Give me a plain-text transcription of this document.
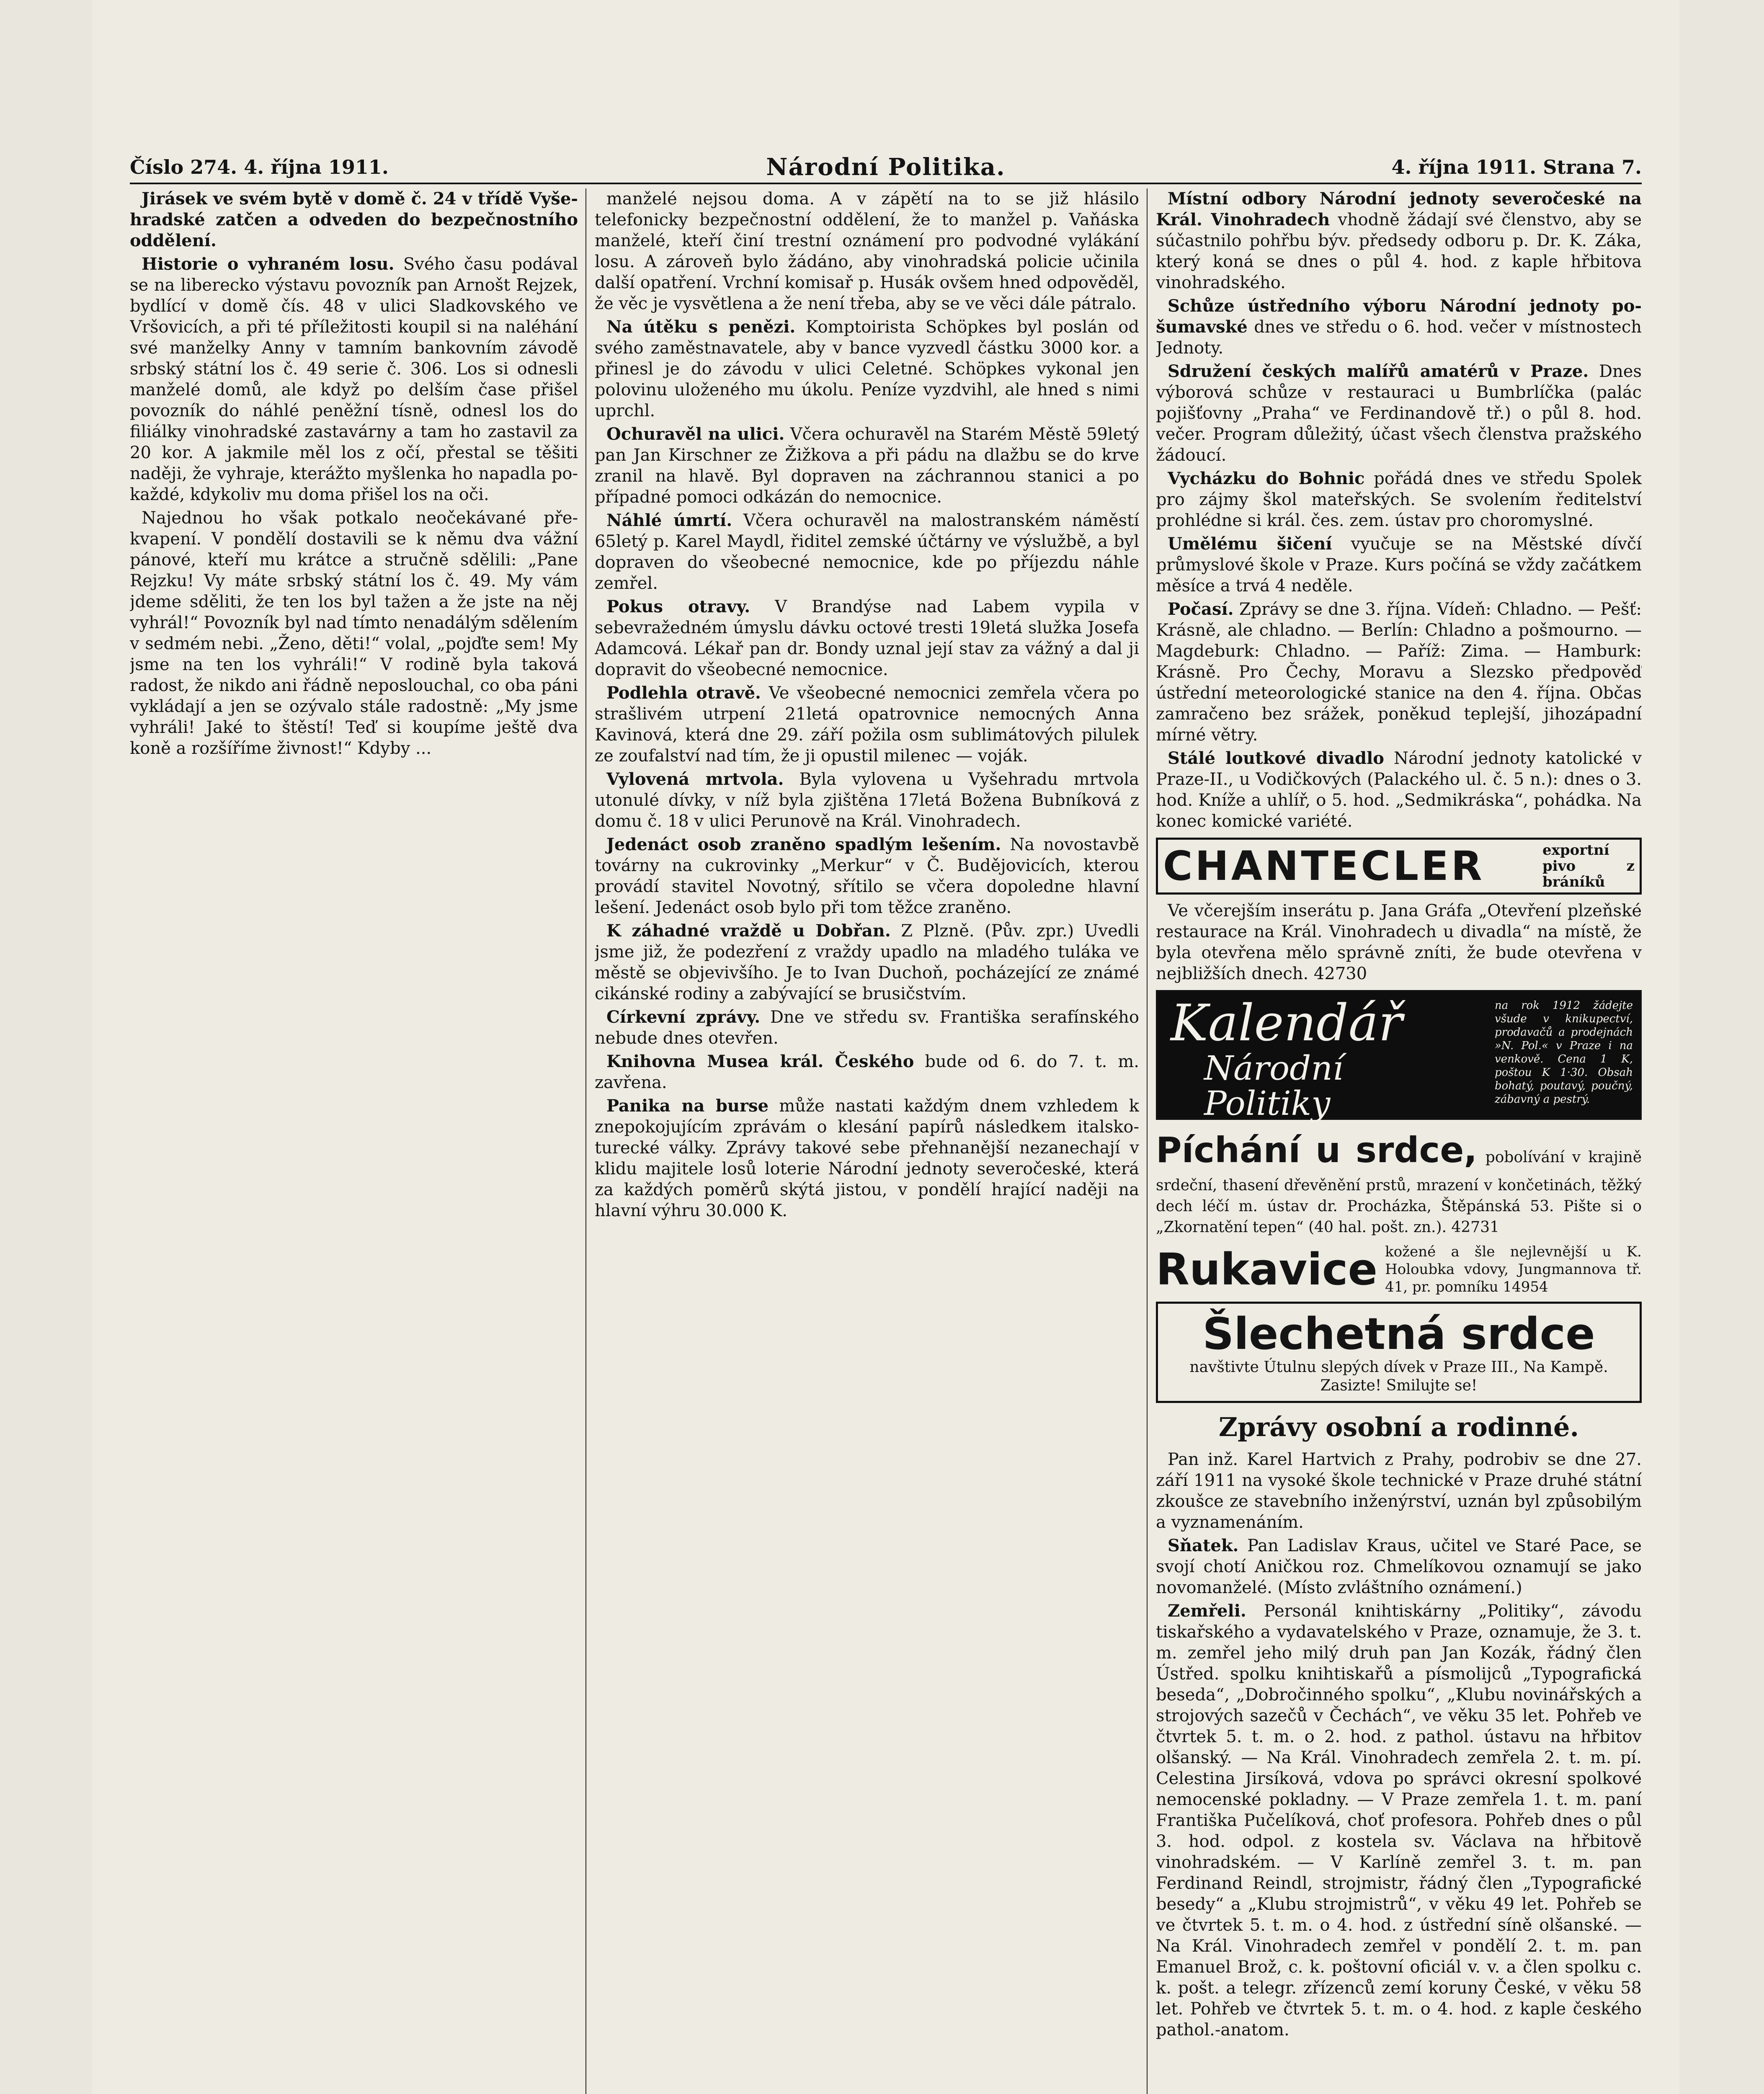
Číslo 274. 4. října 1911.	Národní Politika.	4. října 1911. Strana 7.

Jirásek ve svém bytě v domě č. 24 v třídě Vyšehradské zatčen a odveden do bezpečnostního oddělení.

Historie o vyhraném losu. Svého času podával se na liberecko výstavu povozník pan Arnošt Rejzek, bydlící v domě čís. 48 v ulici Sladkovského ve Vršovicích, a při té příležitosti koupil si na naléhání své manželky Anny v tamním bankovním závodě srbský státní los č. 49 serie č. 306. Los si odnesli manželé domů, ale když po delším čase přišel povozník do náhlé peněžní tísně, odnesl los do filiálky vinohradské zastavárny a tam ho zastavil za 20 kor. A jakmile měl los z očí, přestal se těšiti naději, že vyhraje, kterážto myšlenka ho napadla pokaždé, kdykoliv mu doma přišel los na oči.

Najednou ho však potkalo neočekávané překvapení. V pondělí dostavili se k němu dva vážní pánové, kteří mu krátce a stručně sdělili: „Pane Rejzku! Vy máte srbský státní los č. 49. My vám jdeme sděliti, že ten los byl tažen a že jste na něj vyhrál!“ Povozník byl nad tímto nenadálým sdělením v sedmém nebi. „Ženo, děti!“ volal, „pojďte sem! My jsme na ten los vyhráli!“ V rodině byla taková radost, že nikdo ani řádně neposlouchal, co oba páni vykládají a jen se ozývalo stále radostně: „My jsme vyhráli! Jaké to štěstí! Teď si koupíme ještě dva koně a rozšíříme živnost!“ Kdyby ...

manželé nejsou doma. A v zápětí na to se již hlásilo telefonicky bezpečnostní oddělení, že to manžel p. Vaňáska manželé, kteří činí trestní oznámení pro podvodné vylákání losu. A zároveň bylo žádáno, aby vinohradská policie učinila další opatření. Vrchní komisař p. Husák ovšem hned odpověděl, že věc je vysvětlena a že není třeba, aby se ve věci dále pátralo.

Na útěku s penězi. Komptoirista Schöpkes byl poslán od svého zaměstnavatele, aby v bance vyzvedl částku 3000 kor. a přinesl je do závodu v ulici Celetné. Schöpkes vykonal jen polovinu uloženého mu úkolu. Peníze vyzdvihl, ale hned s nimi uprchl.

Ochuravěl na ulici. Včera ochuravěl na Starém Městě 59letý pan Jan Kirschner ze Žižkova a při pádu na dlažbu se do krve zranil na hlavě. Byl dopraven na záchrannou stanici a po případné pomoci odkázán do nemocnice.

Náhlé úmrtí. Včera ochuravěl na malostranském náměstí 65letý p. Karel Maydl, řiditel zemské účtárny ve výslužbě, a byl dopraven do všeobecné nemocnice, kde po příjezdu náhle zemřel.

Pokus otravy. V Brandýse nad Labem vypila v sebevražedném úmyslu dávku octové tresti 19letá služka Josefa Adamcová. Lékař pan dr. Bondy uznal její stav za vážný a dal ji dopravit do všeobecné nemocnice.

Podlehla otravě. Ve všeobecné nemocnici zemřela včera po strašlivém utrpení 21letá opatrovnice nemocných Anna Kavinová, která dne 29. září požila osm sublimátových pilulek ze zoufalství nad tím, že ji opustil milenec — voják.

Vylovená mrtvola. Byla vylovena u Vyšehradu mrtvola utonulé dívky, v níž byla zjištěna 17letá Božena Bubníková z domu č. 18 v ulici Perunově na Král. Vinohradech.

Jedenáct osob zraněno spadlým lešením. Na novostavbě továrny na cukrovinky „Merkur“ v Č. Budějovicích, kterou provádí stavitel Novotný, sřítilo se včera dopoledne hlavní lešení. Jedenáct osob bylo při tom těžce zraněno.

K záhadné vraždě u Dobřan. Z Plzně. (Pův. zpr.) Uvedli jsme již, že podezření z vraždy upadlo na mladého tuláka ve městě se objevivšího. Je to Ivan Duchoň, pocházející ze známé cikánské rodiny a zabývající se brusičstvím.

Církevní zprávy. Dne ve středu sv. Františka serafínského nebude dnes otevřen.

Knihovna Musea král. Českého bude od 6. do 7. t. m. zavřena.

Panika na burse může nastati každým dnem vzhledem k znepokojujícím zprávám o klesání papírů následkem italsko-turecké války. Zprávy takové sebe přehnanější nezanechají v klidu majitele losů loterie Národní jednoty severočeské, která za každých poměrů skýtá jistou, v pondělí hrající naději na hlavní výhru 30.000 K.

Místní odbory Národní jednoty severočeské na Král. Vinohradech vhodně žádají své členstvo, aby se súčastnilo pohřbu býv. předsedy odboru p. Dr. K. Záka, který koná se dnes o půl 4. hod. z kaple hřbitova vinohradského.

Schůze ústředního výboru Národní jednoty pošumavské dnes ve středu o 6. hod. večer v místnostech Jednoty.

Sdružení českých malířů amatérů v Praze. Dnes výborová schůze v restauraci u Bumbrlíčka (palác pojišťovny „Praha“ ve Ferdinandově tř.) o půl 8. hod. večer. Program důležitý, účast všech členstva pražského žádoucí.

Vycházku do Bohnic pořádá dnes ve středu Spolek pro zájmy škol mateřských. Se svolením ředitelství prohlédne si král. čes. zem. ústav pro choromyslné.

Umělému šičení vyučuje se na Městské dívčí průmyslové škole v Praze. Kurs počíná se vždy začátkem měsíce a trvá 4 neděle.

Počasí. Zprávy se dne 3. října. Vídeň: Chladno. — Pešť: Krásně, ale chladno. — Berlín: Chladno a pošmourno. — Magdeburk: Chladno. — Paříž: Zima. — Hamburk: Krásně. Pro Čechy, Moravu a Slezsko předpověď ústřední meteorologické stanice na den 4. října. Občas zamračeno bez srážek, poněkud teplejší, jihozápadní mírné větry.

Stálé loutkové divadlo Národní jednoty katolické v Praze-II., u Vodičkových (Palackého ul. č. 5 n.): dnes o 3. hod. Kníže a uhlíř, o 5. hod. „Sedmikráska“, pohádka. Na konec komické variété.

CHANTECLER	exportní pivo z bráníků

Ve včerejším inserátu p. Jana Gráfa „Otevření plzeňské restaurace na Král. Vinohradech u divadla“ na místě, že byla otevřena mělo správně zníti, že bude otevřena v nejbližších dnech. 42730

Kalendář
Národní
Politiky
na rok 1912 žádejte všude v knikupectví, prodavačů a prodejnách »N. Pol.« v Praze i na venkově. Cena 1 K, poštou K 1·30. Obsah bohatý, poutavý, poučný, zábavný a pestrý.
Píchání u srdce, pobolívání v krajině srdeční, thasení dřevěnění prstů, mrazení v končetinách, těžký dech léčí m. ústav dr. Procházka, Štěpánská 53. Pište si o „Zkornatění tepen“ (40 hal. pošt. zn.). 42731
Rukavice kožené a šle nejlevnější u K. Holoubka vdovy, Jungmannova tř. 41, pr. pomníku 14954
Šlechetná srdce
navštivte Útulnu slepých dívek v Praze III., Na Kampě. Zasizte! Smilujte se!
Zprávy osobní a rodinné.

Pan inž. Karel Hartvich z Prahy, podrobiv se dne 27. září 1911 na vysoké škole technické v Praze druhé státní zkoušce ze stavebního inženýrství, uznán byl způsobilým a vyznamenáním.

Sňatek. Pan Ladislav Kraus, učitel ve Staré Pace, se svojí chotí Aničkou roz. Chmelíkovou oznamují se jako novomanželé. (Místo zvláštního oznámení.)

Zemřeli. Personál knihtiskárny „Politiky“, závodu tiskařského a vydavatelského v Praze, oznamuje, že 3. t. m. zemřel jeho milý druh pan Jan Kozák, řádný člen Ústřed. spolku knihtiskařů a písmolijců „Typografická beseda“, „Dobročinného spolku“, „Klubu novinářských a strojových sazečů v Čechách“, ve věku 35 let. Pohřeb ve čtvrtek 5. t. m. o 2. hod. z pathol. ústavu na hřbitov olšanský. — Na Král. Vinohradech zemřela 2. t. m. pí. Celestina Jirsíková, vdova po správci okresní spolkové nemocenské pokladny. — V Praze zemřela 1. t. m. paní Františka Pučelíková, choť profesora. Pohřeb dnes o půl 3. hod. odpol. z kostela sv. Václava na hřbitově vinohradském. — V Karlíně zemřel 3. t. m. pan Ferdinand Reindl, strojmistr, řádný člen „Typografické besedy“ a „Klubu strojmistrů“, v věku 49 let. Pohřeb se ve čtvrtek 5. t. m. o 4. hod. z ústřední síně olšanské. — Na Král. Vinohradech zemřel v pondělí 2. t. m. pan Emanuel Brož, c. k. poštovní oficiál v. v. a člen spolku c. k. pošt. a telegr. zřízenců zemí koruny České, v věku 58 let. Pohřeb ve čtvrtek 5. t. m. o 4. hod. z kaple českého pathol.-anatom.
